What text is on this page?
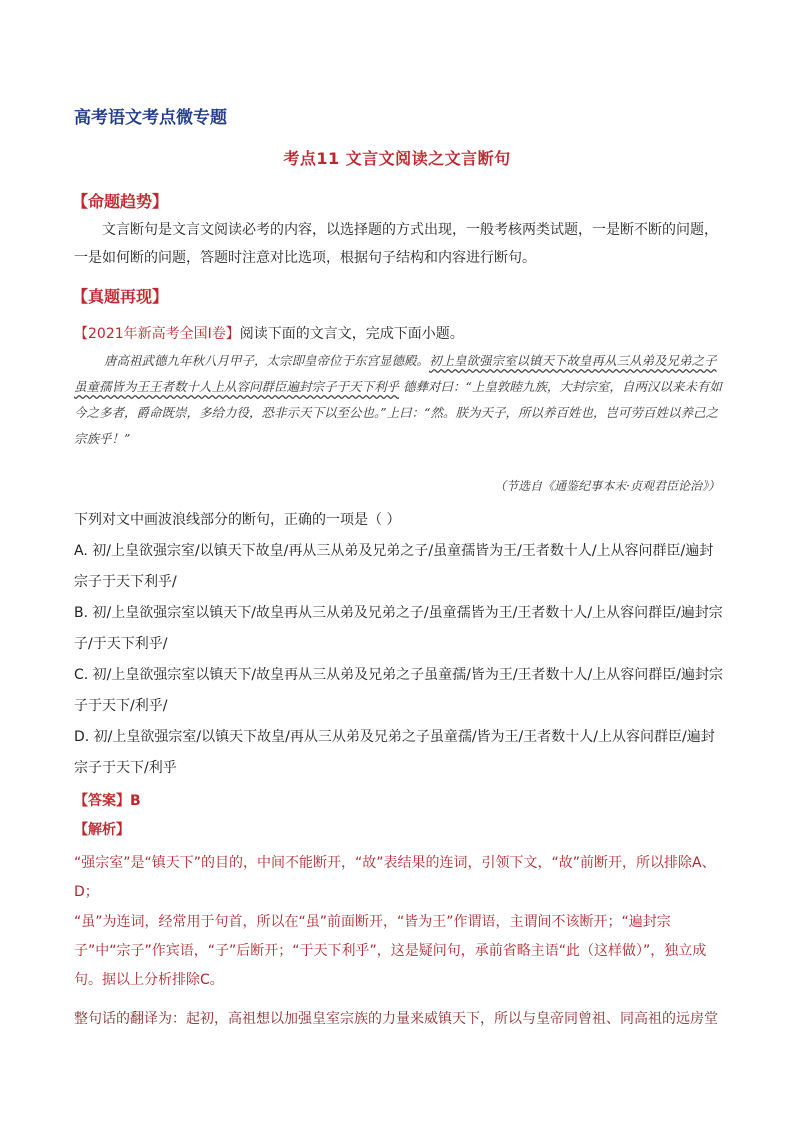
高考语文考点微专题
考点11 文言文阅读之文言断句
【命题趋势】
文言断句是文言文阅读必考的内容，以选择题的方式出现，一般考核两类试题，一是断不断的问题，一是如何断的问题，答题时注意对比选项，根据句子结构和内容进行断句。
【真题再现】
【2021年新高考全国Ⅰ卷】阅读下面的文言文，完成下面小题。
唐高祖武德九年秋八月甲子，太宗即皇帝位于东宫显德殿。初上皇欲强宗室以镇天下故皇再从三从弟及兄弟之子虽童孺皆为王王者数十人上从容问群臣遍封宗子于天下利乎 德彝对曰：“上皇敦睦九族，大封宗室，自两汉以来未有如今之多者，爵命既崇，多给力役，恐非示天下以至公也。”上曰：“然。朕为天子，所以养百姓也，岂可劳百姓以养己之宗族乎！”
（节选自《通鉴纪事本末·贞观君臣论治》）
下列对文中画波浪线部分的断句，正确的一项是（ ）
A. 初/上皇欲强宗室/以镇天下故皇/再从三从弟及兄弟之子/虽童孺皆为王/王者数十人/上从容问群臣/遍封宗子于天下利乎/
B. 初/上皇欲强宗室以镇天下/故皇再从三从弟及兄弟之子/虽童孺皆为王/王者数十人/上从容问群臣/遍封宗子/于天下利乎/
C. 初/上皇欲强宗室以镇天下/故皇再从三从弟及兄弟之子虽童孺/皆为王/王者数十人/上从容问群臣/遍封宗子于天下/利乎/
D. 初/上皇欲强宗室/以镇天下故皇/再从三从弟及兄弟之子虽童孺/皆为王/王者数十人/上从容问群臣/遍封宗子于天下/利乎
【答案】B
【解析】
“强宗室”是“镇天下”的目的，中间不能断开，“故”表结果的连词，引领下文，“故”前断开，所以排除A、D；
“虽”为连词，经常用于句首，所以在“虽”前面断开，“皆为王”作谓语，主谓间不该断开；“遍封宗子”中“宗子”作宾语，“子”后断开；“于天下利乎”，这是疑问句，承前省略主语“此（这样做）”，独立成句。据以上分析排除C。
整句话的翻译为：起初，高祖想以加强皇室宗族的力量来威镇天下，所以与皇帝同曾祖、同高祖的远房堂
